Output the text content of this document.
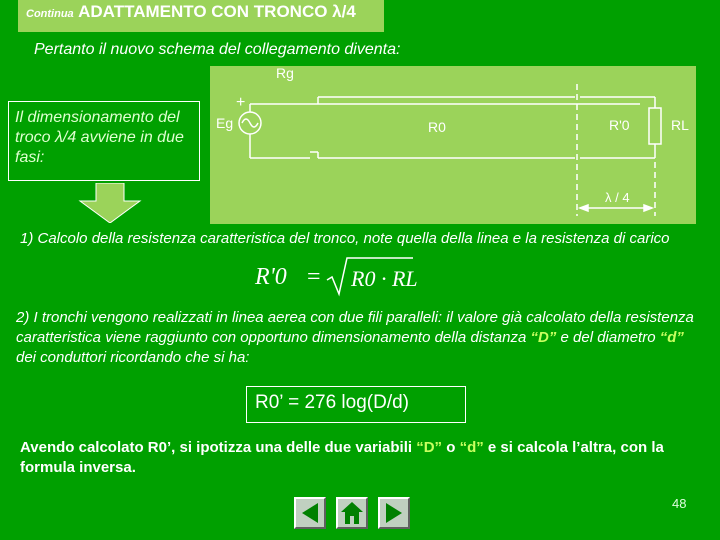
Continua ADATTAMENTO CON TRONCO λ/4
Pertanto il nuovo schema del collegamento diventa:
+
Rg
Eg	R0	R'0	RL
λ / 4
Il dimensionamento del troco λ/4 avviene in due fasi:
1) Calcolo della resistenza caratteristica del tronco, note quella della linea e la resistenza di carico
R'0 = R0 · RL
2) I tronchi vengono realizzati in linea aerea con due fili paralleli: il valore già calcolato della resistenza caratteristica viene raggiunto con opportuno dimensionamento della distanza “D” e del diametro “d” dei conduttori ricordando che si ha:
R0’ = 276 log(D/d)
Avendo calcolato R0’, si ipotizza una delle due variabili “D” o “d” e si calcola l’altra, con la formula inversa.
48
